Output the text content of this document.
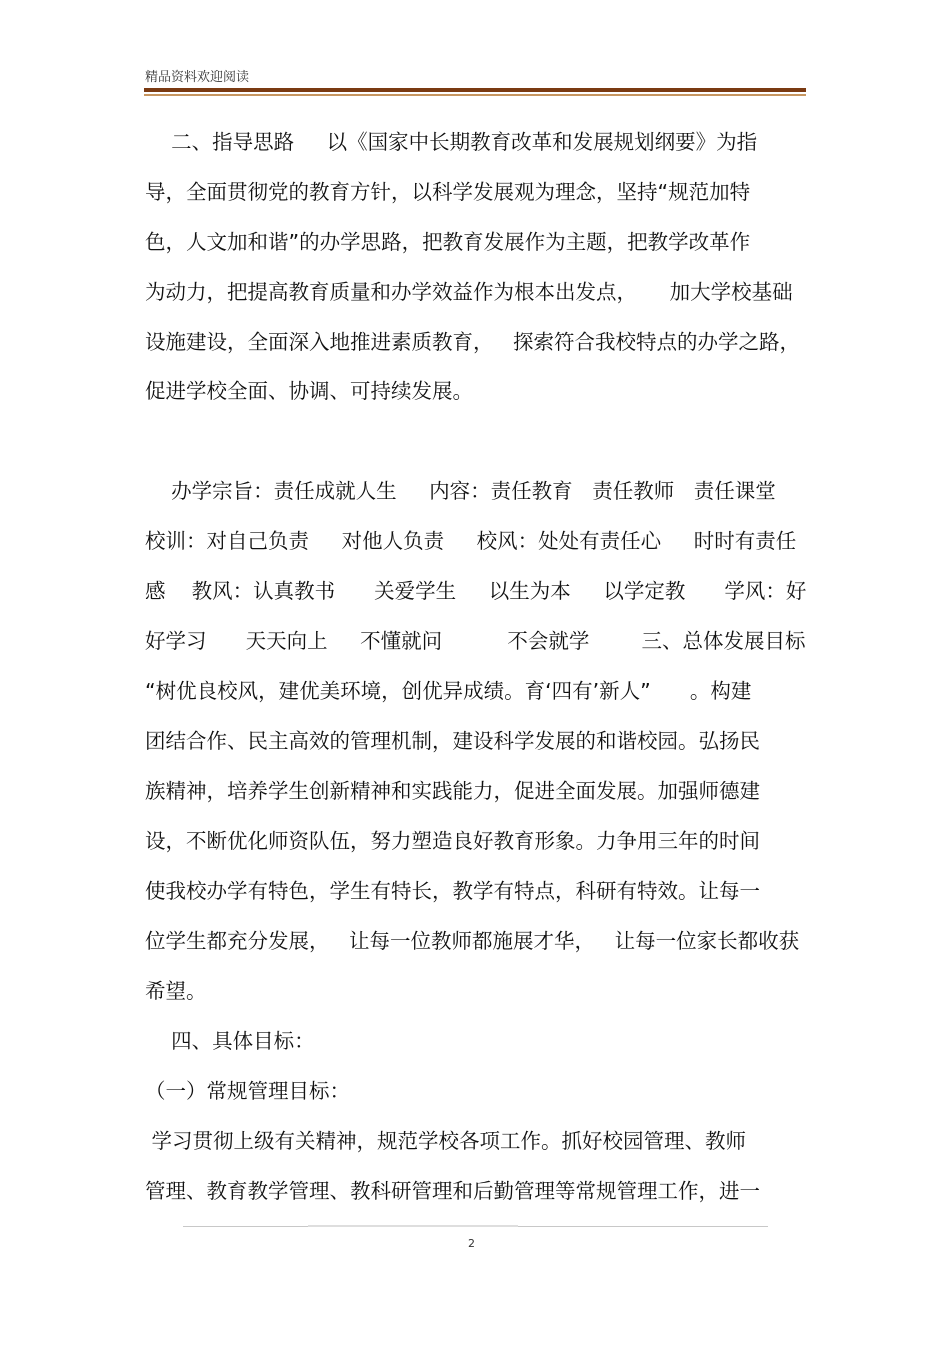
精品资料欢迎阅读
二、指导思路     以《国家中长期教育改革和发展规划纲要》为指
导，全面贯彻党的教育方针，以科学发展观为理念，坚持“规范加特
色，人文加和谐”的办学思路，把教育发展作为主题，把教学改革作
为动力，把提高教育质量和办学效益作为根本出发点，     加大学校基础
设施建设，全面深入地推进素质教育，   探索符合我校特点的办学之路，
促进学校全面、协调、可持续发展。
办学宗旨：责任成就人生     内容：责任教育   责任教师   责任课堂
校训：对自己负责     对他人负责     校风：处处有责任心     时时有责任
感    教风：认真教书      关爱学生     以生为本     以学定教      学风：好
好学习      天天向上     不懂就问          不会就学        三、总体发展目标
“树优良校风，建优美环境，创优异成绩。育‘四有’新人”      。构建
团结合作、民主高效的管理机制，建设科学发展的和谐校园。弘扬民
族精神，培养学生创新精神和实践能力，促进全面发展。加强师德建
设，不断优化师资队伍，努力塑造良好教育形象。力争用三年的时间
使我校办学有特色，学生有特长，教学有特点，科研有特效。让每一
位学生都充分发展，   让每一位教师都施展才华，   让每一位家长都收获
希望。
四、具体目标：
（一）常规管理目标：
学习贯彻上级有关精神，规范学校各项工作。抓好校园管理、教师
管理、教育教学管理、教科研管理和后勤管理等常规管理工作，进一
2
